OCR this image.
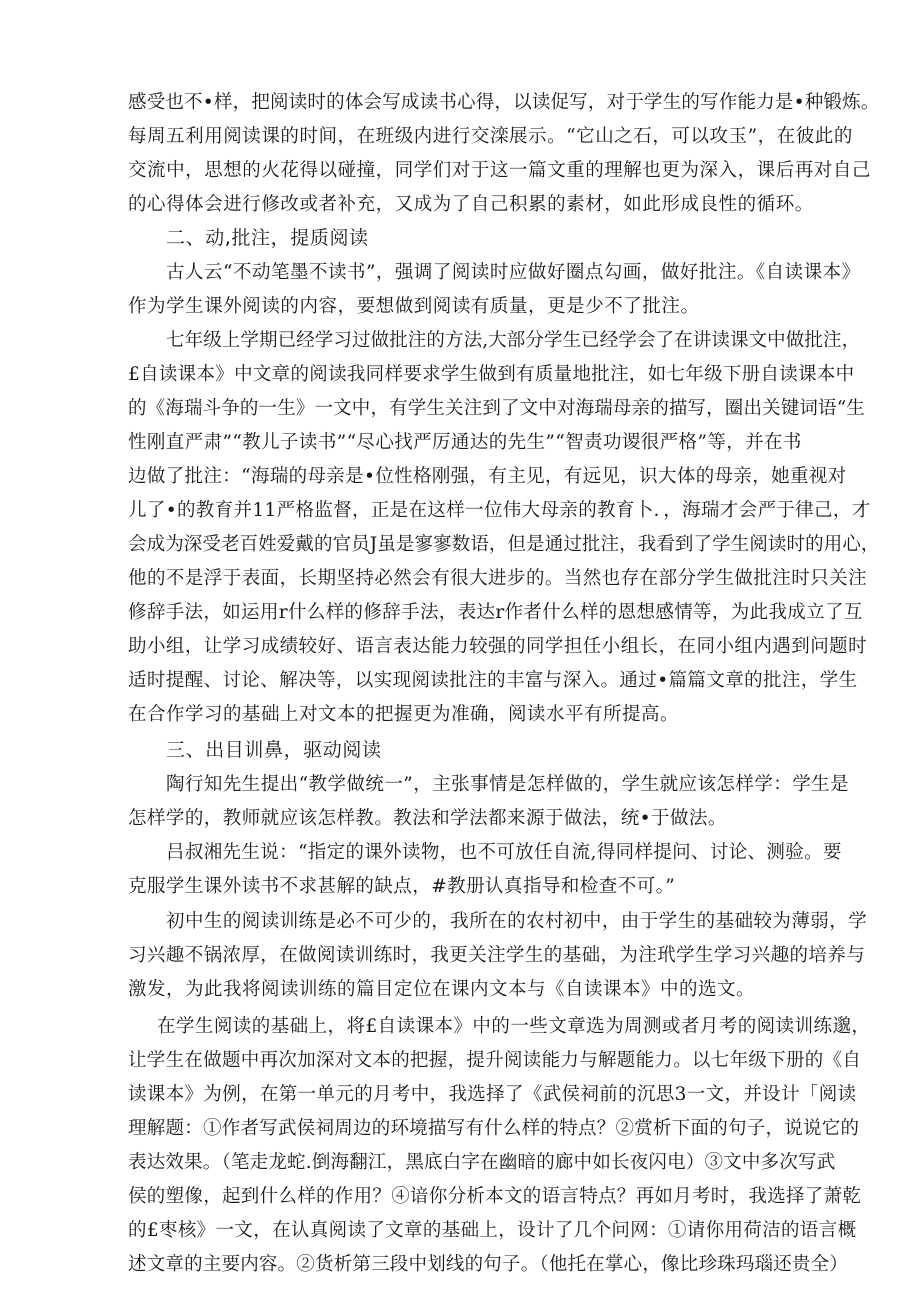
感受也不•样，把阅读时的体会写成读书心得，以读促写，对于学生的写作能力是•种锻炼。
每周五利用阅读课的时间，在班级内进行交滦展示。“它山之石，可以攻玉”，在彼此的
交流中，思想的火花得以碰撞，同学们对于这一篇文重的理解也更为深入，课后再对自己
的心得体会进行修改或者补充，又成为了自己积累的素材，如此形成良性的循环。
二、动,批注，提质阅读
古人云“不动笔墨不读书”，强调了阅读时应做好圈点勾画，做好批注。《自读课本》
作为学生课外阅读的内容，要想做到阅读有质量，更是少不了批注。
七年级上学期已经学习过做批注的方法,大部分学生已经学会了在讲读课文中做批注，
£自读课本》中文章的阅读我同样要求学生做到有质量地批注，如七年级下册自读课本中
的《海瑞斗争的一生》一文中，有学生关注到了文中对海瑞母亲的描写，圈出关键词语“生
性刚直严肃”“教儿子读书”“尽心找严厉通达的先生”“智责功谡很严格”等，并在书
边做了批注：“海瑞的母亲是•位性格刚强，有主见，有远见，识大体的母亲，她重视对
儿了•的教育并11严格监督，正是在这样一位伟大母亲的教育卜．，海瑞才会严于律己，才
会成为深受老百姓爱戴的官员J虽是寥寥数语，但是通过批注，我看到了学生阅读时的用心，
他的不是浮于表面，长期坚持必然会有很大进步的。当然也存在部分学生做批注时只关注
修辞手法，如运用r什么样的修辞手法，表达r作者什么样的恩想感情等，为此我成立了互
助小组，让学习成绩较好、语言表达能力较强的同学担任小组长，在同小组内遇到问题时
适时提醒、讨论、解决等，以实现阅读批注的丰富与深入。通过•篇篇文章的批注，学生
在合作学习的基础上对文本的把握更为准确，阅读水平有所提高。
三、出目训鼻，驱动阅读
陶行知先生提出“教学做统一”，主张事情是怎样做的，学生就应该怎样学：学生是
怎样学的，教师就应该怎样教。教法和学法都来源于做法，统•于做法。
吕叔湘先生说：“指定的课外读物，也不可放任自流,得同样提问、讨论、测验。要
克服学生课外读书不求甚解的缺点，#教册认真指导和检查不可。”
初中生的阅读训练是必不可少的，我所在的农村初中，由于学生的基础较为薄弱，学
习兴趣不锅浓厚，在做阅读训练时，我更关注学生的基础，为注玳学生学习兴趣的培养与
激发，为此我将阅读训练的篇目定位在课内文本与《自读课本》中的选文。
在学生阅读的基础上，将£自读课本》中的一些文章选为周测或者月考的阅读训练邈，
让学生在做题中再次加深对文本的把握，提升阅读能力与解题能力。以七年级下册的《自
读课本》为例，在第一单元的月考中，我选择了《武侯祠前的沉思3一文，并设计「阅读
理解题：①作者写武侯祠周边的环境描写有什么样的特点？②赏析下面的句子，说说它的
表达效果。（笔走龙蛇.倒海翻江，黑底白字在幽暗的廊中如长夜闪电）③文中多次写武
侯的塑像，起到什么样的作用？④谙你分析本文的语言特点？再如月考时，我选择了萧乾
的£枣核》一文，在认真阅读了文章的基础上，设计了几个问网：①请你用荷洁的语言概
述文章的主要内容。②货析第三段中划线的句子。（他托在掌心，像比珍珠玛瑙还贵全）
